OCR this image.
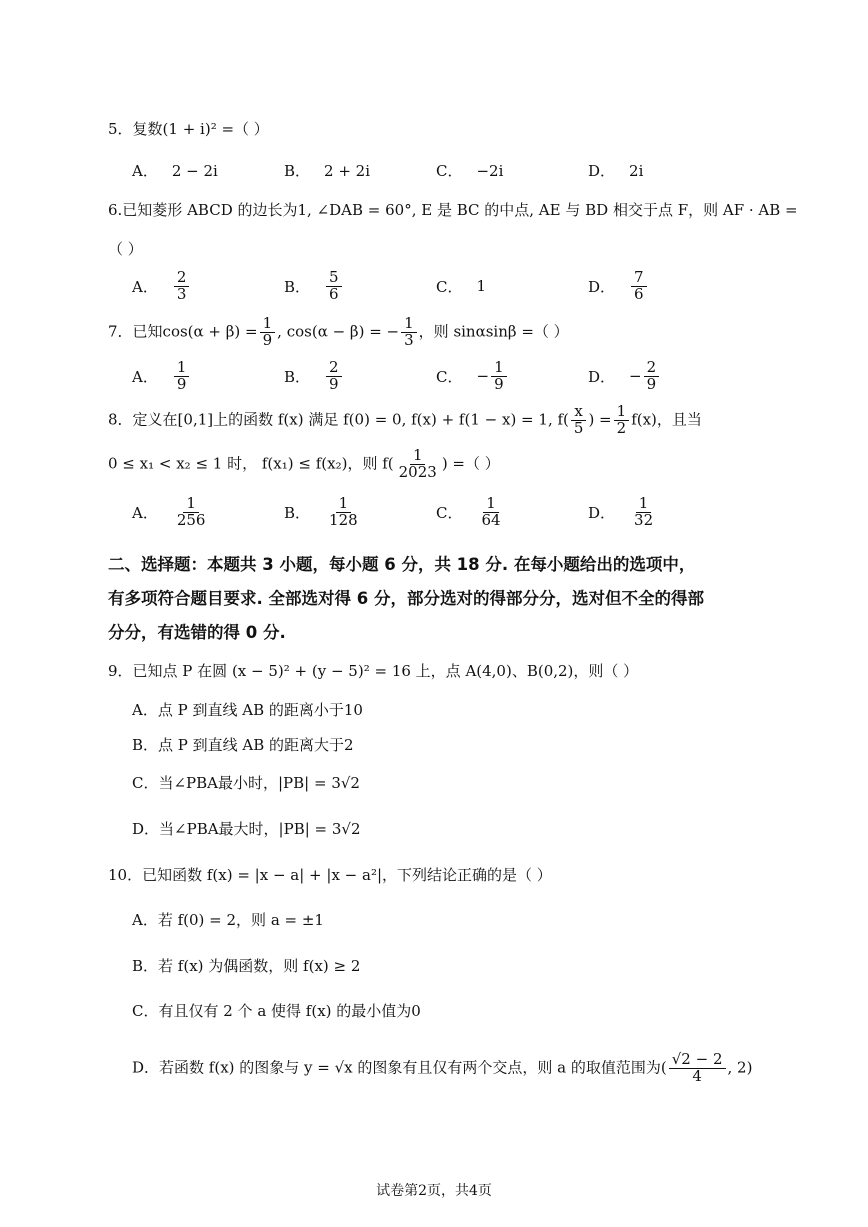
5．复数(1 + i)² =（ ）
A． 2 − 2i	B． 2 + 2i	C． −2i	D． 2i
6.已知菱形 ABCD 的边长为1, ∠DAB = 60°, E 是 BC 的中点, AE 与 BD 相交于点 F，则 AF · AB =
（ ）
A． $\frac{2}{3}$	B． $\frac{5}{6}$	C． 1	D． $\frac{7}{6}$
7．已知$\cos(\alpha + \beta) = \frac{1}{9}$ , cos(α − β) = − $\frac{1}{3}$ ，则 sinαsinβ =（ ）
A． $\frac{1}{9}$	B． $\frac{2}{9}$	C． − $\frac{1}{9}$	D． − $\frac{2}{9}$
8．定义在[0,1]上的函数 f(x) 满足 f(0) = 0, f(x) + f(1 − x) = 1, $f( \frac{x}{5}$ ) = $\frac{1}{2} f(x)$，且当
0 ≤ x₁ < x₂ ≤ 1 时， f(x₁) ≤ f(x₂)，则 $f( \frac{1}{2023}$ ) =（ ）
A． $\frac{1}{256}$	B． $\frac{1}{128}$	C． $\frac{1}{64}$	D． $\frac{1}{32}$
二、选择题：本题共 3 小题，每小题 6 分，共 18 分. 在每小题给出的选项中，
有多项符合题目要求. 全部选对得 6 分，部分选对的得部分分，选对但不全的得部
分分，有选错的得 0 分.
9．已知点 P 在圆 (x − 5)² + (y − 5)² = 16 上，点 A(4,0)、B(0,2)，则（ ）
A．点 P 到直线 AB 的距离小于10
B．点 P 到直线 AB 的距离大于2
C．当∠PBA最小时，|PB| = 3√2
D．当∠PBA最大时，|PB| = 3√2
10．已知函数 f(x) = |x − a| + |x − a²|，下列结论正确的是（ ）
A．若 f(0) = 2，则 a = ±1
B．若 f(x) 为偶函数，则 f(x) ≥ 2
C．有且仅有 2 个 a 使得 f(x) 的最小值为0
D．若函数 f(x) 的图象与 y = √x 的图象有且仅有两个交点，则 a 的取值范围为( $\frac{√2 - 2}{4}$ , 2)
试卷第2页，共4页
